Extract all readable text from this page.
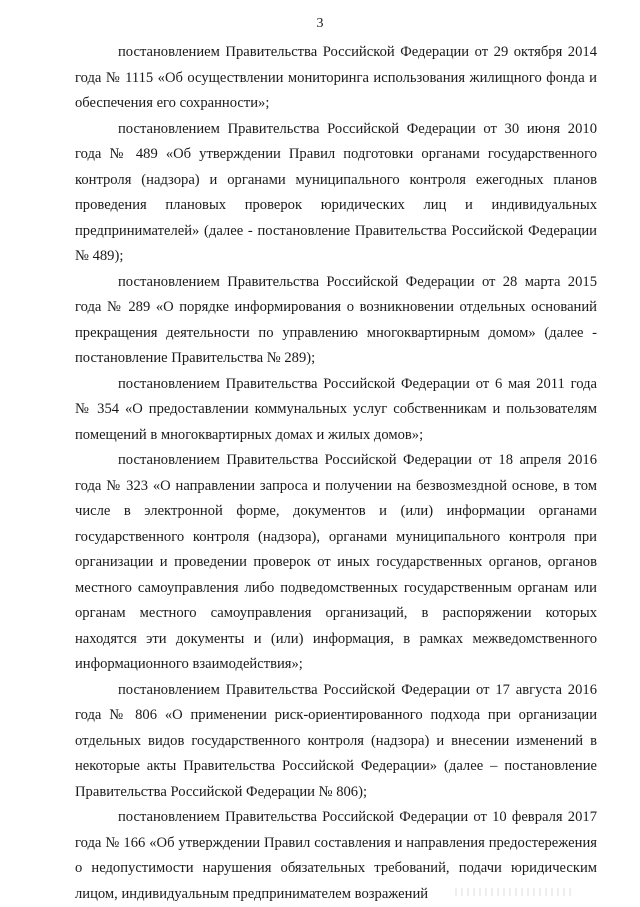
3

постановлением Правительства Российской Федерации от 29 октября 2014 года № 1115 «Об осуществлении мониторинга использования жилищного фонда и обеспечения его сохранности»;

постановлением Правительства Российской Федерации от 30 июня 2010 года № 489 «Об утверждении Правил подготовки органами государственного контроля (надзора) и органами муниципального контроля ежегодных планов проведения плановых проверок юридических лиц и индивидуальных предпринимателей» (далее - постановление Правительства Российской Федерации № 489);

постановлением Правительства Российской Федерации от 28 марта 2015 года № 289 «О порядке информирования о возникновении отдельных оснований прекращения деятельности по управлению многоквартирным домом» (далее - постановление Правительства № 289);

постановлением Правительства Российской Федерации от 6 мая 2011 года № 354 «О предоставлении коммунальных услуг собственникам и пользователям помещений в многоквартирных домах и жилых домов»;

постановлением Правительства Российской Федерации от 18 апреля 2016 года № 323 «О направлении запроса и получении на безвозмездной основе, в том числе в электронной форме, документов и (или) информации органами государственного контроля (надзора), органами муниципального контроля при организации и проведении проверок от иных государственных органов, органов местного самоуправления либо подведомственных государственным органам или органам местного самоуправления организаций, в распоряжении которых находятся эти документы и (или) информация, в рамках межведомственного информационного взаимодействия»;

постановлением Правительства Российской Федерации от 17 августа 2016 года № 806 «О применении риск-ориентированного подхода при организации отдельных видов государственного контроля (надзора) и внесении изменений в некоторые акты Правительства Российской Федерации» (далее – постановление Правительства Российской Федерации № 806);

постановлением Правительства Российской Федерации от 10 февраля 2017 года № 166 «Об утверждении Правил составления и направления предостережения о недопустимости нарушения обязательных требований, подачи юридическим лицом, индивидуальным предпринимателем возражений
